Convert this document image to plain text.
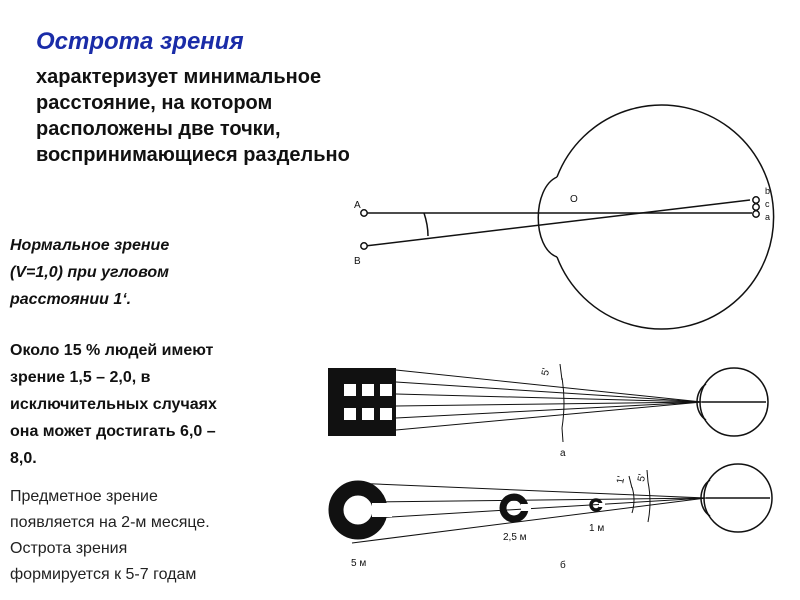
Острота зрения
характеризует минимальное
расстояние, на котором
расположены две точки,
воспринимающиеся раздельно
Нормальное зрение
(V=1,0) при угловом
расстоянии 1‘.
Около 15 % людей имеют
зрение 1,5 – 2,0, в
исключительных случаях
она может достигать 6,0 –
8,0.
Предметное зрение
появляется на 2-м месяце.
Острота зрения
формируется к 5-7 годам
A
B
O
b
c
a
5'
a
5 м
2,5 м
1 м
1' 5'
б
